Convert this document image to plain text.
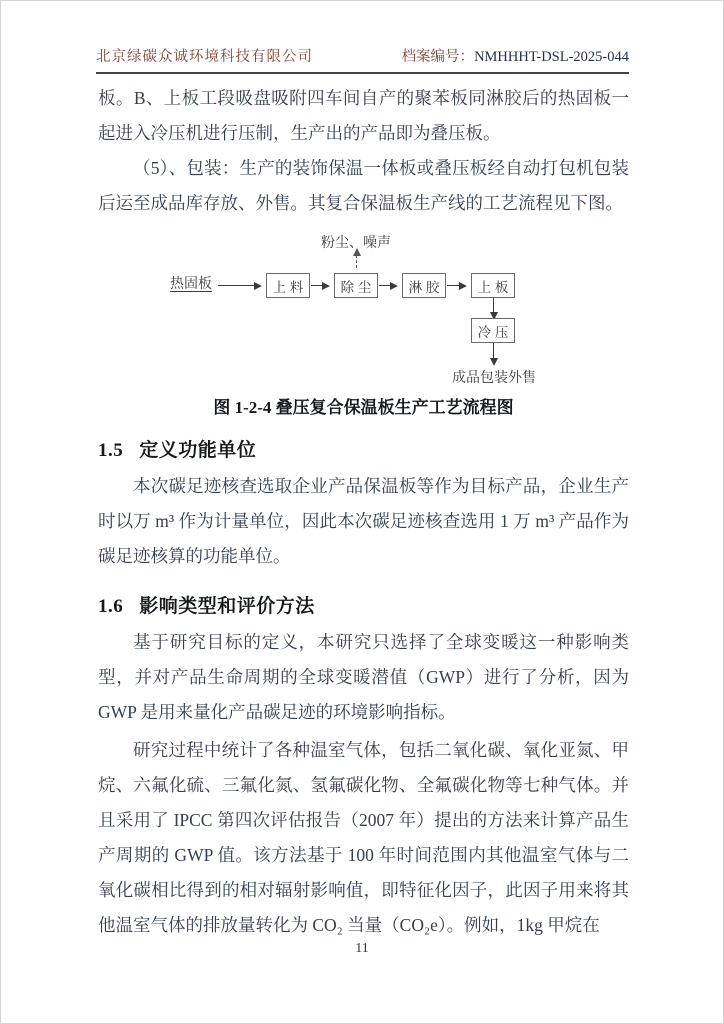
北京绿碳众诚环境科技有限公司	档案编号：NMHHHT-DSL-2025-044

板。B、上板工段吸盘吸附四车间自产的聚苯板同淋胶后的热固板一起进入冷压机进行压制，生产出的产品即为叠压板。

（5）、包装：生产的装饰保温一体板或叠压板经自动打包机包装后运至成品库存放、外售。其复合保温板生产线的工艺流程见下图。

粉尘、噪声
热固板	上 料	除 尘	淋 胶	上 板
冷 压
成品包装外售
图 1-2-4 叠压复合保温板生产工艺流程图
1.5 定义功能单位

本次碳足迹核查选取企业产品保温板等作为目标产品，企业生产时以万 m³ 作为计量单位，因此本次碳足迹核查选用 1 万 m³ 产品作为碳足迹核算的功能单位。

1.6 影响类型和评价方法

基于研究目标的定义，本研究只选择了全球变暖这一种影响类型，并对产品生命周期的全球变暖潜值（GWP）进行了分析，因为 GWP 是用来量化产品碳足迹的环境影响指标。

研究过程中统计了各种温室气体，包括二氧化碳、氧化亚氮、甲烷、六氟化硫、三氟化氮、氢氟碳化物、全氟碳化物等七种气体。并且采用了 IPCC 第四次评估报告（2007 年）提出的方法来计算产品生产周期的 GWP 值。该方法基于 100 年时间范围内其他温室气体与二氧化碳相比得到的相对辐射影响值，即特征化因子，此因子用来将其他温室气体的排放量转化为 CO₂ 当量（CO₂e）。例如，1kg 甲烷在

11
